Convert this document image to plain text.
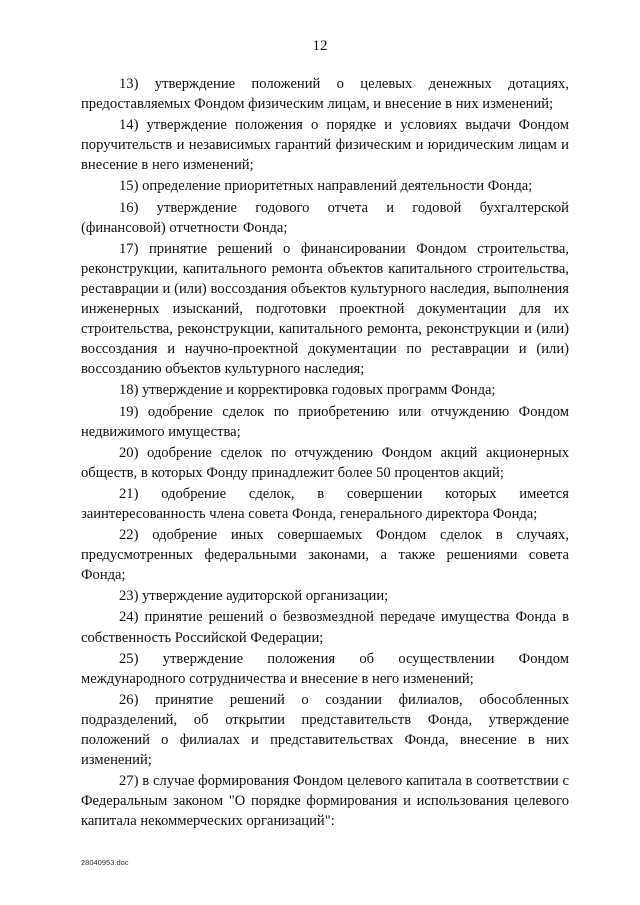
12

13) утверждение положений о целевых денежных дотациях, предоставляемых Фондом физическим лицам, и внесение в них изменений;

14) утверждение положения о порядке и условиях выдачи Фондом поручительств и независимых гарантий физическим и юридическим лицам и внесение в него изменений;

15) определение приоритетных направлений деятельности Фонда;

16) утверждение годового отчета и годовой бухгалтерской (финансовой) отчетности Фонда;

17) принятие решений о финансировании Фондом строительства, реконструкции, капитального ремонта объектов капитального строительства, реставрации и (или) воссоздания объектов культурного наследия, выполнения инженерных изысканий, подготовки проектной документации для их строительства, реконструкции, капитального ремонта, реконструкции и (или) воссоздания и научно-проектной документации по реставрации и (или) воссозданию объектов культурного наследия;

18) утверждение и корректировка годовых программ Фонда;

19) одобрение сделок по приобретению или отчуждению Фондом недвижимого имущества;

20) одобрение сделок по отчуждению Фондом акций акционерных обществ, в которых Фонду принадлежит более 50 процентов акций;

21) одобрение сделок, в совершении которых имеется заинтересованность члена совета Фонда, генерального директора Фонда;

22) одобрение иных совершаемых Фондом сделок в случаях, предусмотренных федеральными законами, а также решениями совета Фонда;

23) утверждение аудиторской организации;

24) принятие решений о безвозмездной передаче имущества Фонда в собственность Российской Федерации;

25) утверждение положения об осуществлении Фондом международного сотрудничества и внесение в него изменений;

26) принятие решений о создании филиалов, обособленных подразделений, об открытии представительств Фонда, утверждение положений о филиалах и представительствах Фонда, внесение в них изменений;

27) в случае формирования Фондом целевого капитала в соответствии с Федеральным законом "О порядке формирования и использования целевого капитала некоммерческих организаций":

28040953.doc
